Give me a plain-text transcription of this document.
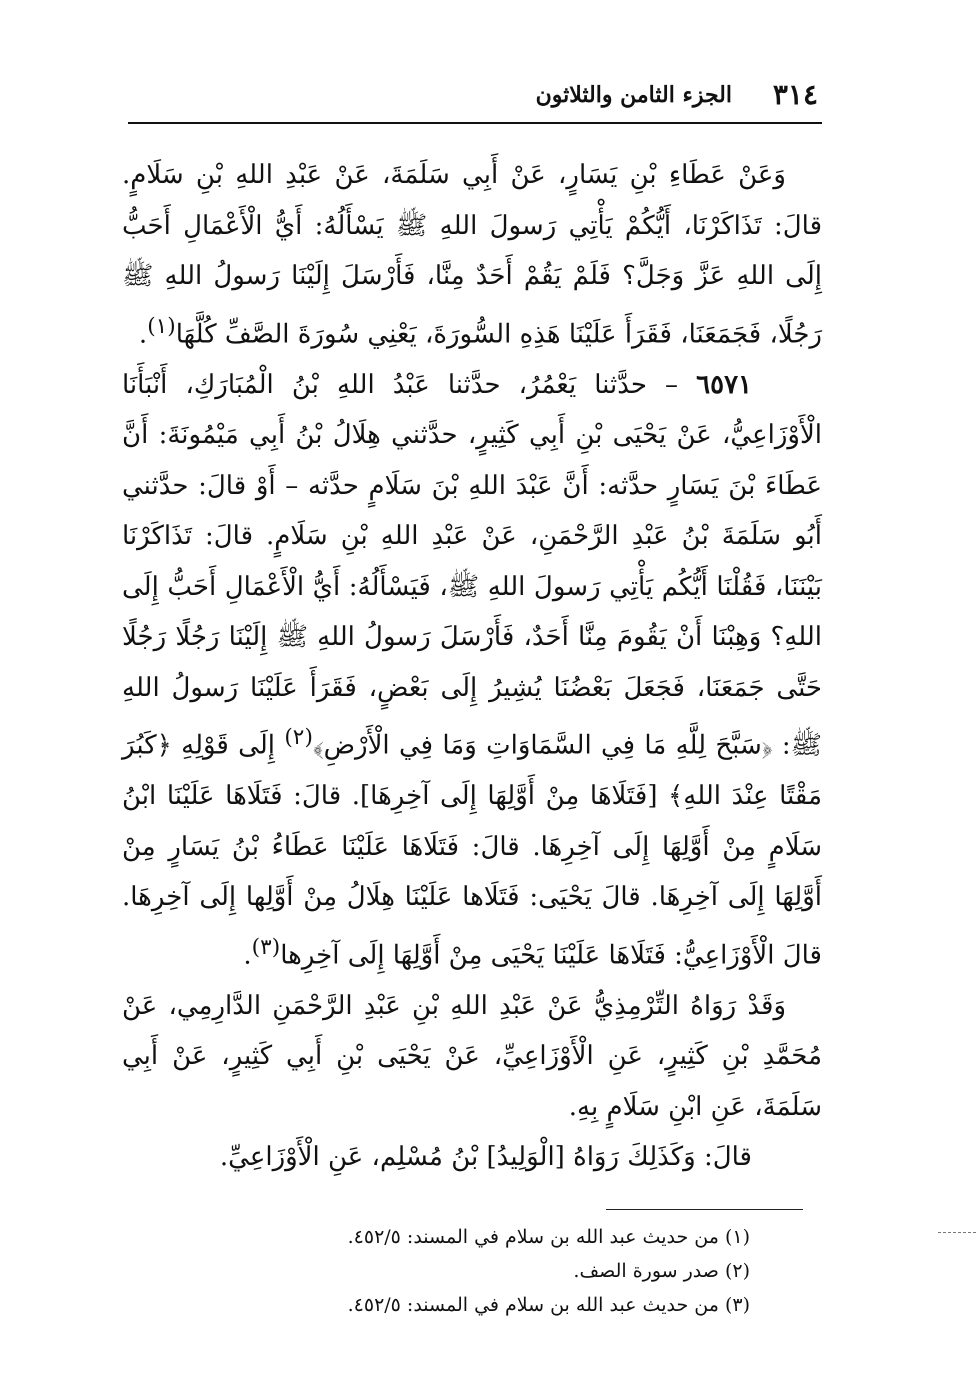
٣١٤
الجزء الثامن والثلاثون

وَعَنْ عَطَاءِ بْنِ يَسَارٍ، عَنْ أَبِي سَلَمَةَ، عَنْ عَبْدِ اللهِ بْنِ سَلَامٍ. قالَ: تَذَاكَرْنَا، أَيُّكُمْ يَأْتِي رَسولَ اللهِ ﷺ يَسْأَلُهُ: أَيُّ الْأَعْمَالِ أَحَبُّ إِلَى اللهِ عَزَّ وَجَلَّ؟ فَلَمْ يَقُمْ أَحَدٌ مِنَّا، فَأَرْسَلَ إِلَيْنَا رَسولُ اللهِ ﷺ رَجُلًا، فَجَمَعَنَا، فَقَرَأَ عَلَيْنَا هَذِهِ السُّورَةَ، يَعْنِي سُورَةَ الصَّفِّ كُلَّهَا$^{(١)}$.

٦٥٧١ – حدَّثنا يَعْمُرُ، حدَّثنا عَبْدُ اللهِ بْنُ الْمُبَارَكِ، أَنْبَأَنَا الْأَوْزَاعِيُّ، عَنْ يَحْيَى بْنِ أَبِي كَثِيرٍ، حدَّثني هِلَالُ بْنُ أَبِي مَيْمُونَةَ: أَنَّ عَطَاءَ بْنَ يَسَارٍ حدَّثه: أَنَّ عَبْدَ اللهِ بْنَ سَلَامٍ حدَّثه – أَوْ قالَ: حدَّثني أَبُو سَلَمَةَ بْنُ عَبْدِ الرَّحْمَنِ، عَنْ عَبْدِ اللهِ بْنِ سَلَامٍ. قالَ: تَذَاكَرْنَا بَيْنَنَا، فَقُلْنَا أَيُّكُم يَأْتِي رَسولَ اللهِ ﷺ، فَيَسْأَلُهُ: أَيُّ الْأَعْمَالِ أَحَبُّ إِلَى اللهِ؟ وَهِبْنَا أَنْ يَقُومَ مِنَّا أَحَدٌ، فَأَرْسَلَ رَسولُ اللهِ ﷺ إِلَيْنَا رَجُلًا رَجُلًا حَتَّى جَمَعَنَا، فَجَعَلَ بَعْضُنَا يُشِيرُ إِلَى بَعْضٍ، فَقَرَأَ عَلَيْنَا رَسولُ اللهِ ﷺ: ﴿سَبَّحَ لِلَّهِ مَا فِي السَّمَاوَاتِ وَمَا فِي الْأَرْضِ﴾$^{(٢)}$ إِلَى قَوْلِهِ ﴿كَبُرَ مَقْتًا عِنْدَ اللهِ﴾ [فَتَلَاهَا مِنْ أَوَّلِهَا إِلَى آخِرِهَا]. قالَ: فَتَلَاهَا عَلَيْنَا ابْنُ سَلَامٍ مِنْ أَوَّلِهَا إِلَى آخِرِهَا. قالَ: فَتَلَاهَا عَلَيْنَا عَطَاءُ بْنُ يَسَارٍ مِنْ أَوَّلِهَا إِلَى آخِرِهَا. قالَ يَحْيَى: فَتَلَاها عَلَيْنَا هِلَالُ مِنْ أَوَّلِها إِلَى آخِرِهَا. قالَ الْأَوْزَاعِيُّ: فَتَلَاهَا عَلَيْنَا يَحْيَى مِنْ أَوَّلِهَا إِلَى آخِرِها$^{(٣)}$.

وَقَدْ رَوَاهُ التِّرْمِذِيُّ عَنْ عَبْدِ اللهِ بْنِ عَبْدِ الرَّحْمَنِ الدَّارِمِي، عَنْ مُحَمَّدِ بْنِ كَثِيرٍ، عَنِ الْأَوْزَاعِيِّ، عَنْ يَحْيَى بْنِ أَبِي كَثِيرٍ، عَنْ أَبِي سَلَمَةَ، عَنِ ابْنِ سَلَامٍ بِهِ.

قالَ: وَكَذَلِكَ رَوَاهُ [الْوَلِيدُ] بْنُ مُسْلِم، عَنِ الْأَوْزَاعِيِّ.

(١) من حديث عبد الله بن سلام في المسند: ٤٥٢/٥.

(٢) صدر سورة الصف.

(٣) من حديث عبد الله بن سلام في المسند: ٤٥٢/٥.
